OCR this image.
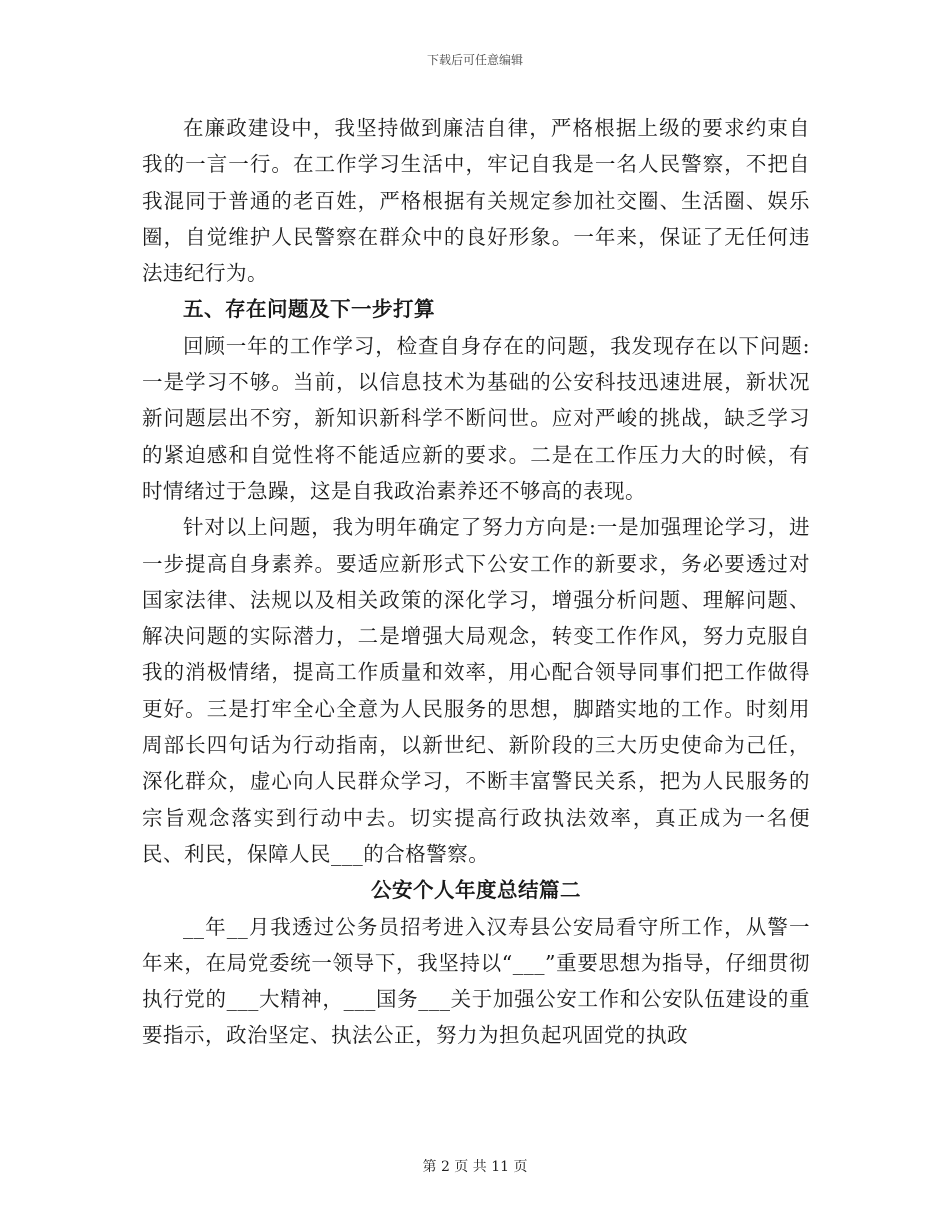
下载后可任意编辑

在廉政建设中，我坚持做到廉洁自律，严格根据上级的要求约束自我的一言一行。在工作学习生活中，牢记自我是一名人民警察，不把自我混同于普通的老百姓，严格根据有关规定参加社交圈、生活圈、娱乐圈，自觉维护人民警察在群众中的良好形象。一年来，保证了无任何违法违纪行为。

五、存在问题及下一步打算

回顾一年的工作学习，检查自身存在的问题，我发现存在以下问题:一是学习不够。当前，以信息技术为基础的公安科技迅速进展，新状况新问题层出不穷，新知识新科学不断问世。应对严峻的挑战，缺乏学习的紧迫感和自觉性将不能适应新的要求。二是在工作压力大的时候，有时情绪过于急躁，这是自我政治素养还不够高的表现。

针对以上问题，我为明年确定了努力方向是:一是加强理论学习，进一步提高自身素养。要适应新形式下公安工作的新要求，务必要透过对国家法律、法规以及相关政策的深化学习，增强分析问题、理解问题、解决问题的实际潜力，二是增强大局观念，转变工作作风，努力克服自我的消极情绪，提高工作质量和效率，用心配合领导同事们把工作做得更好。三是打牢全心全意为人民服务的思想，脚踏实地的工作。时刻用周部长四句话为行动指南，以新世纪、新阶段的三大历史使命为己任，深化群众，虚心向人民群众学习，不断丰富警民关系，把为人民服务的宗旨观念落实到行动中去。切实提高行政执法效率，真正成为一名便民、利民，保障人民___的合格警察。

公安个人年度总结篇二

__年__月我透过公务员招考进入汉寿县公安局看守所工作，从警一年来，在局党委统一领导下，我坚持以“___”重要思想为指导，仔细贯彻执行党的___大精神，___国务___关于加强公安工作和公安队伍建设的重要指示，政治坚定、执法公正，努力为担负起巩固党的执政

第 2 页 共 11 页
